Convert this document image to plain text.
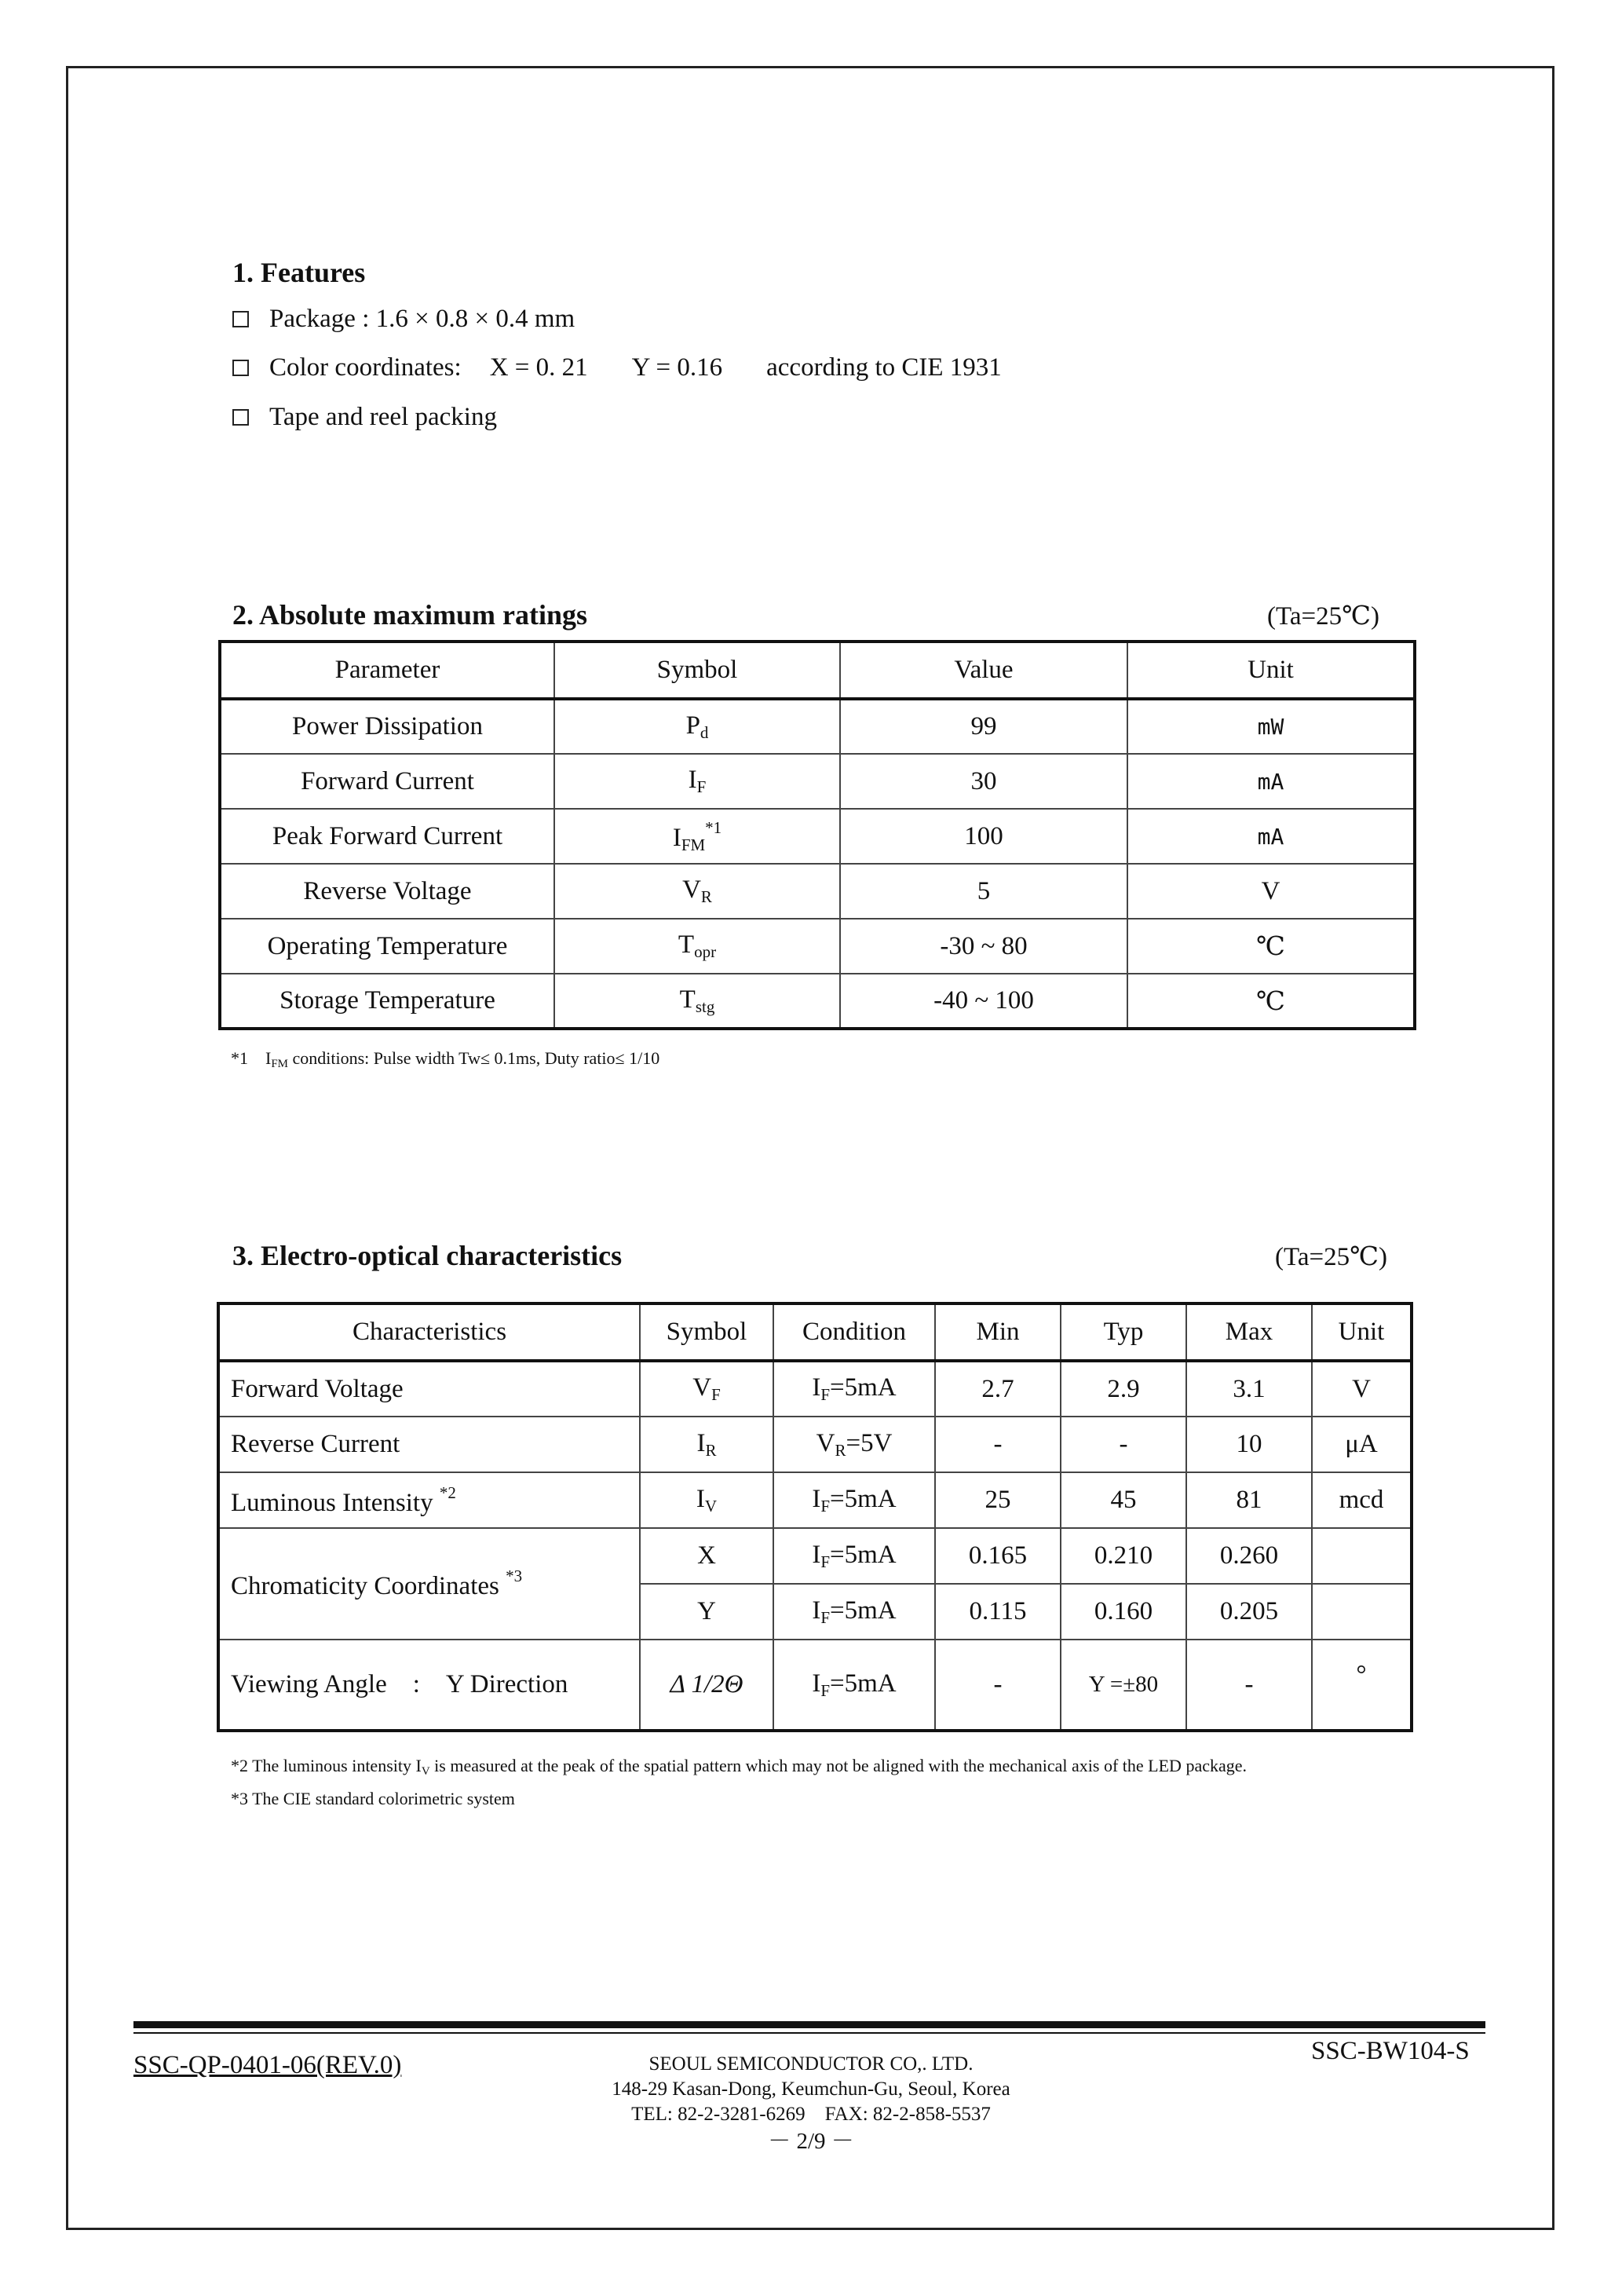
1. Features
Package : 1.6 × 0.8 × 0.4 mm
Color coordinates: X = 0. 21 Y = 0.16 according to CIE 1931
Tape and reel packing
2. Absolute maximum ratings	(Ta=25℃)
Parameter	Symbol	Value	Unit
Power Dissipation	$P_d$	99	mW
Forward Current	$I_F$	30	mA
Peak Forward Current	$I_{FM}^{*1}$	100	mA
Reverse Voltage	$V_R$	5	V
Operating Temperature	$T_{opr}$	-30 ~ 80	℃
Storage Temperature	$T_{stg}$	-40 ~ 100	℃
*1 $I_{FM}$ conditions: Pulse width Tw≤ 0.1ms, Duty ratio≤ 1/10
3. Electro-optical characteristics	(Ta=25℃)
Characteristics	Symbol	Condition	Min	Typ	Max	Unit
Forward Voltage	$V_F$	$I_F=5mA$	2.7	2.9	3.1	V
Reverse Current	$I_R$	$V_R=5V$	-	-	10	μA
Luminous Intensity $^{*2}$	$I_V$	$I_F=5mA$	25	45	81	mcd
Chromaticity Coordinates $^{*3}$	X	$I_F=5mA$	0.165	0.210	0.260	
	Y	$I_F=5mA$	0.115	0.160	0.205	
Viewing Angle : Y Direction	Δ 1/2Θ	$I_F=5mA$	-	Y =±80	-	°
*2 The luminous intensity $I_V$ is measured at the peak of the spatial pattern which may not be aligned with the mechanical axis of the LED package.
*3 The CIE standard colorimetric system
SSC-QP-0401-06(REV.0)	SSC-BW104-S
SEOUL SEMICONDUCTOR CO,. LTD.
148-29 Kasan-Dong, Keumchun-Gu, Seoul, Korea
TEL: 82-2-3281-6269    FAX: 82-2-858-5537
－ 2/9 －
